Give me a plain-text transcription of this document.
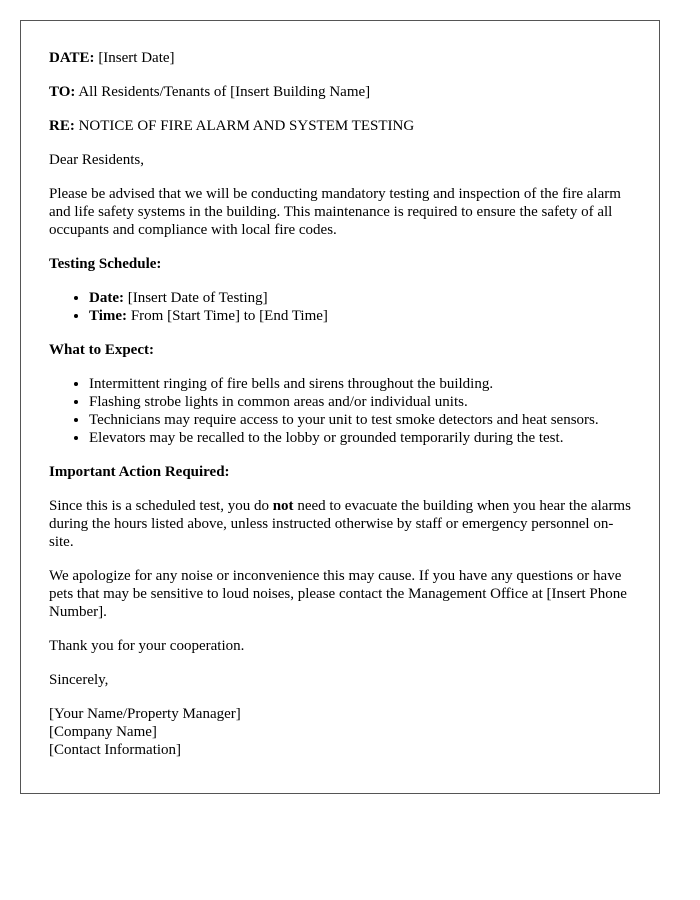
DATE: [Insert Date]

TO: All Residents/Tenants of [Insert Building Name]

RE: NOTICE OF FIRE ALARM AND SYSTEM TESTING

Dear Residents,

Please be advised that we will be conducting mandatory testing and inspection of the fire alarm and life safety systems in the building. This maintenance is required to ensure the safety of all occupants and compliance with local fire codes.

Testing Schedule:
• Date: [Insert Date of Testing]
• Time: From [Start Time] to [End Time]
What to Expect:
• Intermittent ringing of fire bells and sirens throughout the building.
• Flashing strobe lights in common areas and/or individual units.
• Technicians may require access to your unit to test smoke detectors and heat sensors.
• Elevators may be recalled to the lobby or grounded temporarily during the test.
Important Action Required:

Since this is a scheduled test, you do not need to evacuate the building when you hear the alarms during the hours listed above, unless instructed otherwise by staff or emergency personnel on-site.

We apologize for any noise or inconvenience this may cause. If you have any questions or have pets that may be sensitive to loud noises, please contact the Management Office at [Insert Phone Number].

Thank you for your cooperation.

Sincerely,

[Your Name/Property Manager]
[Company Name]
[Contact Information]
